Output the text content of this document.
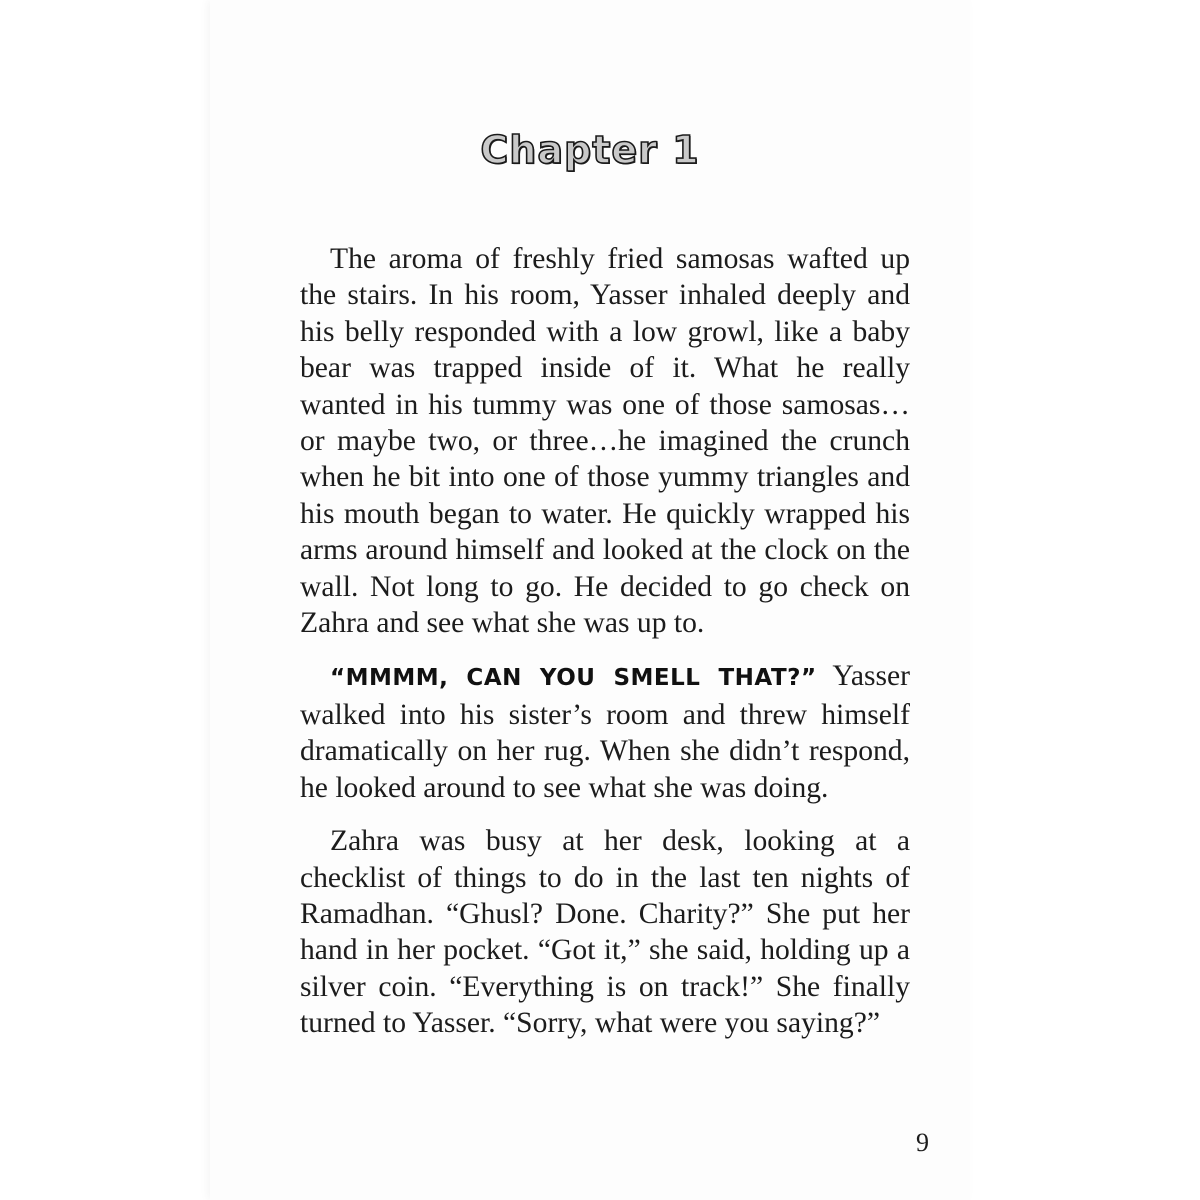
Chapter 1

The aroma of freshly fried samosas wafted up the stairs. In his room, Yasser inhaled deeply and his belly responded with a low growl, like a baby bear was trapped inside of it. What he really wanted in his tummy was one of those samosas…or maybe two, or three…he imagined the crunch when he bit into one of those yummy triangles and his mouth began to water. He quickly wrapped his arms around himself and looked at the clock on the wall. Not long to go. He decided to go check on Zahra and see what she was up to.

“MMMM, CAN YOU SMELL THAT?” Yasser walked into his sister’s room and threw himself dramatically on her rug. When she didn’t respond, he looked around to see what she was doing.

Zahra was busy at her desk, looking at a checklist of things to do in the last ten nights of Ramadhan. “Ghusl? Done. Charity?” She put her hand in her pocket. “Got it,” she said, holding up a silver coin. “Everything is on track!” She finally turned to Yasser. “Sorry, what were you saying?”

9
